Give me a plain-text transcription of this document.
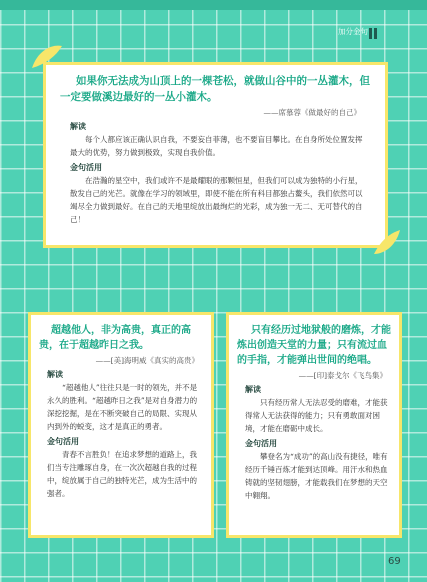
加分金句
如果你无法成为山顶上的一棵苍松，就做山谷中的一丛灌木，但一定要做溪边最好的一丛小灌木。
——席慕蓉《做最好的自己》
解读

每个人都应该正确认识自我，不要妄自菲薄，也不要盲目攀比。在自身所处位置发挥最大的优势，努力做到极致，实现自我价值。

金句活用

在浩瀚的星空中，我们或许不是最耀眼的那颗恒星，但我们可以成为独特的小行星，散发自己的光芒。就像在学习的领域里，即使不能在所有科目都独占鳌头，我们依然可以竭尽全力做到最好。在自己的天地里绽放出最绚烂的光彩，成为独一无二、无可替代的自己！

超越他人，非为高贵，真正的高贵，在于超越昨日之我。
——[美]海明威《真实的高贵》
解读

“超越他人”往往只是一时的领先，并不是永久的胜利。“超越昨日之我”是对自身潜力的深挖挖掘，是在不断突破自己的局限、实现从内到外的蜕变，这才是真正的勇者。

金句活用

青春不言胜负！在追求梦想的道路上，我们当专注雕琢自身，在一次次超越自我的过程中，绽放属于自己的独特光芒，成为生活中的强者。

只有经历过地狱般的磨炼，才能炼出创造天堂的力量；只有流过血的手指，才能弹出世间的绝唱。
——[印]泰戈尔《飞鸟集》
解读

只有经历常人无法忍受的磨难，才能获得常人无法获得的能力；只有勇敢面对困境，才能在磨砺中成长。

金句活用

攀登名为“成功”的高山没有捷径，唯有经历千锤百炼才能到达顶峰。用汗水和热血铸就的坚韧翅膀，才能载我们在梦想的天空中翱翔。

69
